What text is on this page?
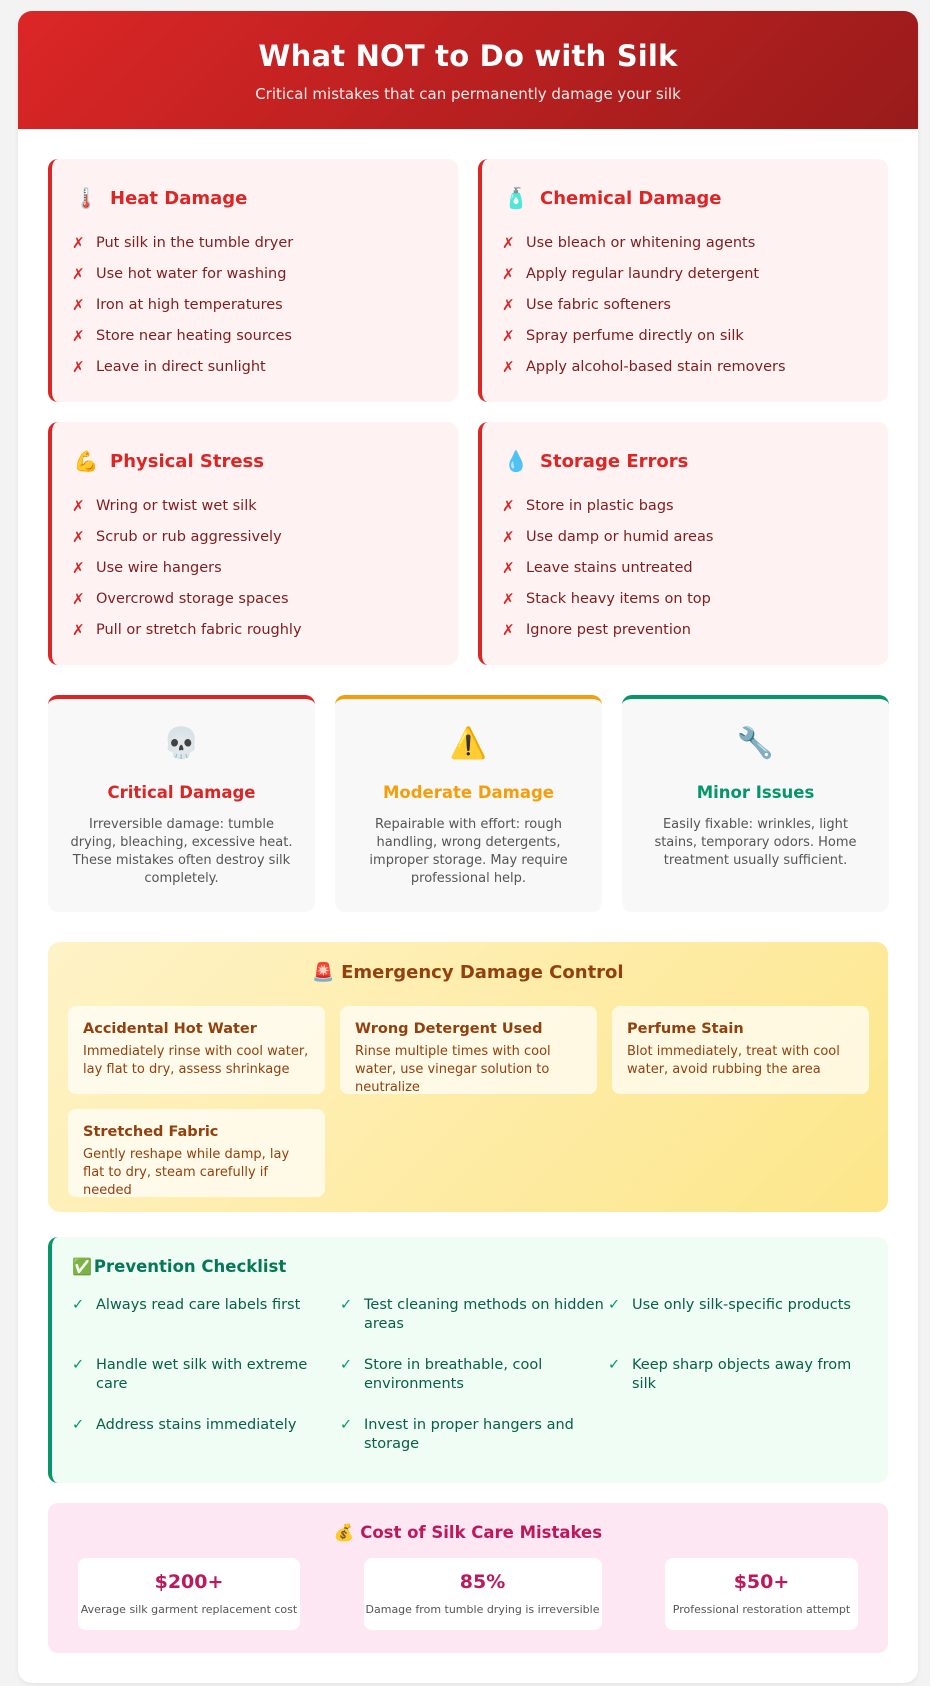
What NOT to Do with Silk

Critical mistakes that can permanently damage your silk

🌡️ Heat Damage
✗ Put silk in the tumble dryer
✗ Use hot water for washing
✗ Iron at high temperatures
✗ Store near heating sources
✗ Leave in direct sunlight
🧴 Chemical Damage
✗ Use bleach or whitening agents
✗ Apply regular laundry detergent
✗ Use fabric softeners
✗ Spray perfume directly on silk
✗ Apply alcohol-based stain removers
💪 Physical Stress
✗ Wring or twist wet silk
✗ Scrub or rub aggressively
✗ Use wire hangers
✗ Overcrowd storage spaces
✗ Pull or stretch fabric roughly
💧 Storage Errors
✗ Store in plastic bags
✗ Use damp or humid areas
✗ Leave stains untreated
✗ Stack heavy items on top
✗ Ignore pest prevention
💀
Critical Damage

Irreversible damage: tumble drying, bleaching, excessive heat. These mistakes often destroy silk completely.

⚠️
Moderate Damage

Repairable with effort: rough handling, wrong detergents, improper storage. May require professional help.

🔧
Minor Issues

Easily fixable: wrinkles, light stains, temporary odors. Home treatment usually sufficient.

🚨 Emergency Damage Control
Accidental Hot Water

Immediately rinse with cool water, lay flat to dry, assess shrinkage

Wrong Detergent Used

Rinse multiple times with cool water, use vinegar solution to neutralize

Perfume Stain

Blot immediately, treat with cool water, avoid rubbing the area

Stretched Fabric

Gently reshape while damp, lay flat to dry, steam carefully if needed

✅ Prevention Checklist
✓ Always read care labels first	✓ Test cleaning methods on hidden areas
✓ Use only silk-specific products
✓ Handle wet silk with extreme care
✓ Store in breathable, cool environments
✓ Keep sharp objects away from silk
✓ Address stains immediately	✓ Invest in proper hangers and storage
💰 Cost of Silk Care Mistakes
$200+
Average silk garment replacement cost
85%
Damage from tumble drying is irreversible
$50+
Professional restoration attempt
